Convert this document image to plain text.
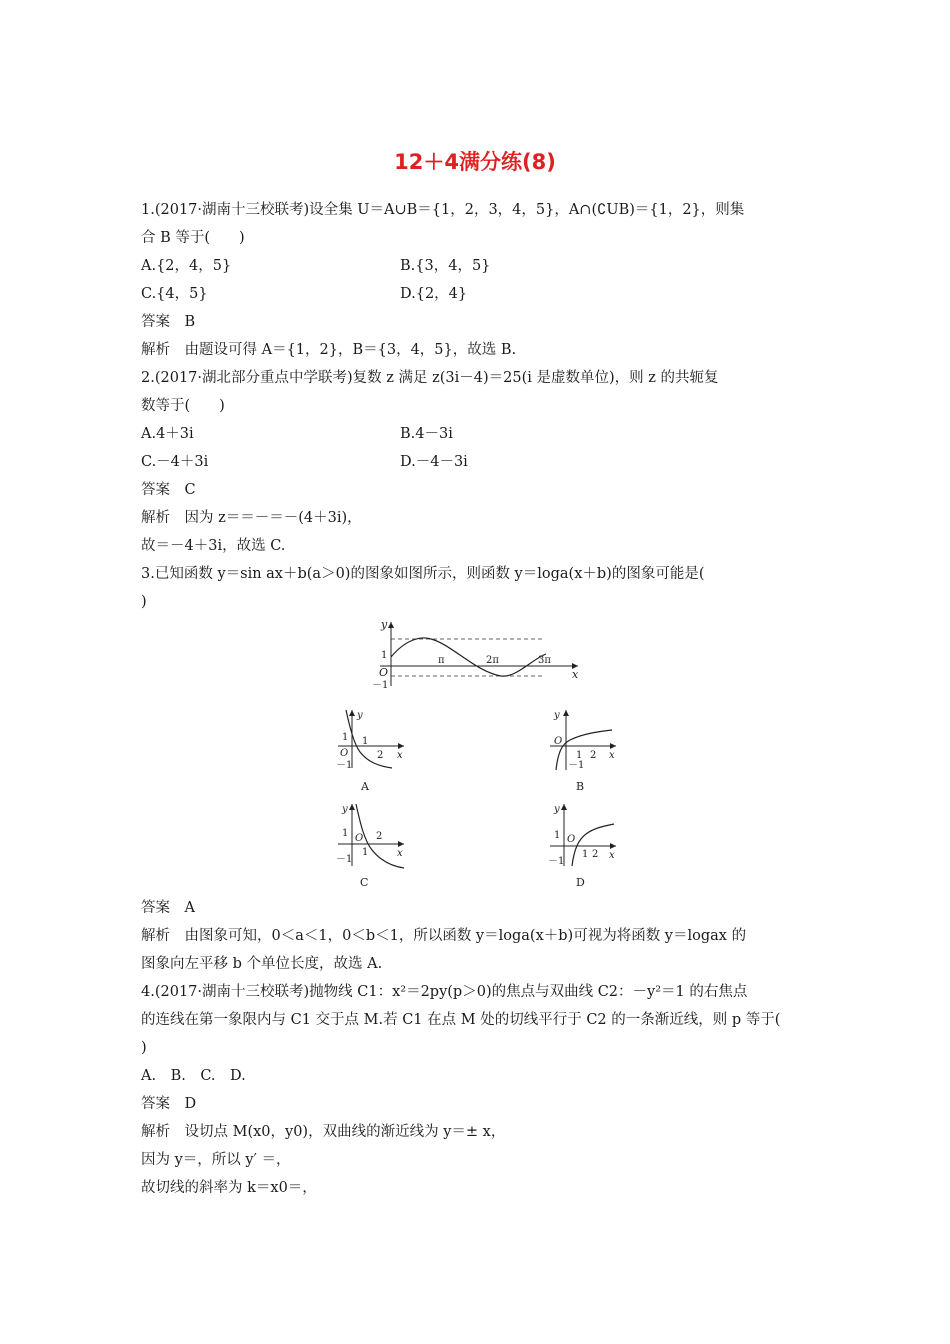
12＋4满分练(8)
1.(2017·湖南十三校联考)设全集 U＝A∪B＝{1，2，3，4，5}，A∩(∁UB)＝{1，2}，则集
合 B 等于(　　)
A.{2，4，5}	B.{3，4，5}
C.{4，5}	D.{2，4}
答案　B
解析　由题设可得 A＝{1，2}，B＝{3，4，5}，故选 B.
2.(2017·湖北部分重点中学联考)复数 z 满足 z(3i－4)＝25(i 是虚数单位)，则 z 的共轭复
数等于(　　)
A.4＋3i	B.4－3i
C.－4＋3i	D.－4－3i
答案　C
解析　因为 z＝＝－＝－(4＋3i)，
故＝－4＋3i，故选 C.
3.已知函数 y＝sin ax＋b(a＞0)的图象如图所示，则函数 y＝loga(x＋b)的图象可能是(
)
y
x
1
O
－1
π	2π	3π
y
x
1 1
O	2
－1
A
y
x
O
1 2
－1
B
y
x
1 O 2
1
－1
C
y
x
1 O
1 2
－1
D
答案　A
解析　由图象可知，0＜a＜1，0＜b＜1，所以函数 y＝loga(x＋b)可视为将函数 y＝logax 的
图象向左平移 b 个单位长度，故选 A.
4.(2017·湖南十三校联考)抛物线 C1：x²＝2py(p＞0)的焦点与双曲线 C2：－y²＝1 的右焦点
的连线在第一象限内与 C1 交于点 M.若 C1 在点 M 处的切线平行于 C2 的一条渐近线，则 p 等于(
)
A.　B.　C.　D.
答案　D
解析　设切点 M(x0，y0)，双曲线的渐近线为 y＝± x，
因为 y＝，所以 y′ ＝，
故切线的斜率为 k＝x0＝，
